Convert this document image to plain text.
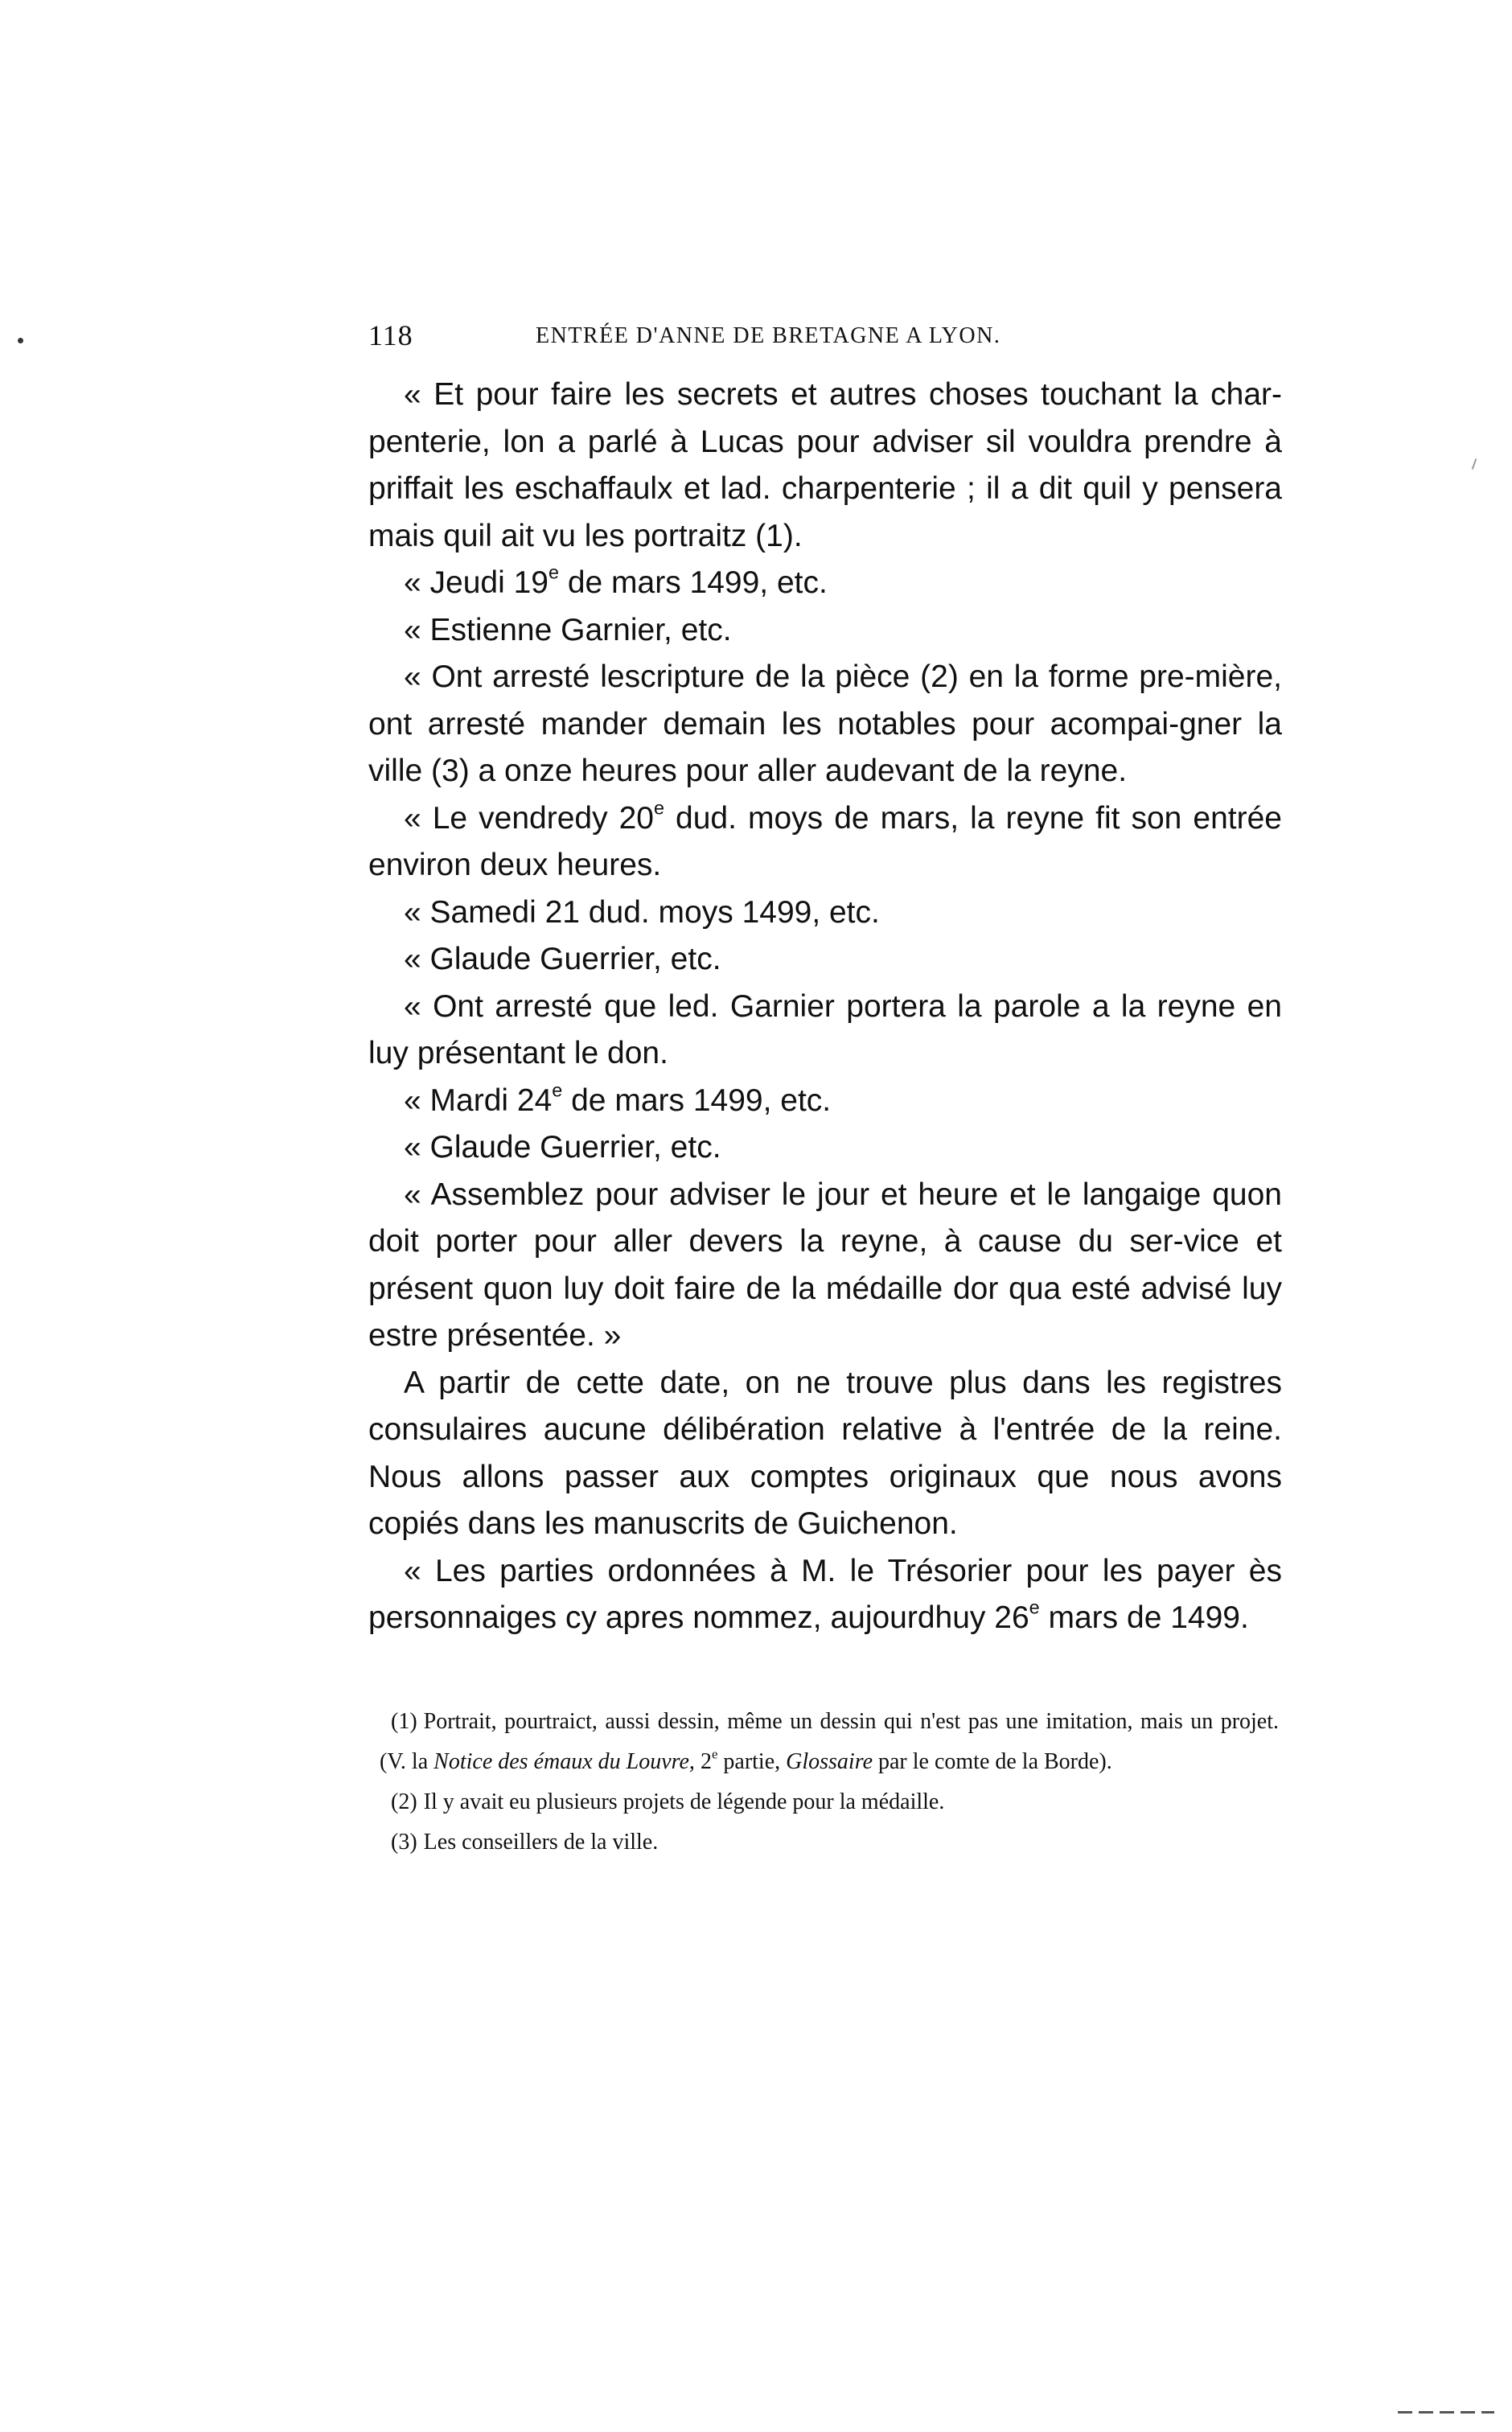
118	ENTRÉE D'ANNE DE BRETAGNE A LYON.

« Et pour faire les secrets et autres choses touchant la char-penterie, lon a parlé à Lucas pour adviser sil vouldra prendre à priffait les eschaffaulx et lad. charpenterie ; il a dit quil y pensera mais quil ait vu les portraitz (1).

« Jeudi 19e de mars 1499, etc.

« Estienne Garnier, etc.

« Ont arresté lescripture de la pièce (2) en la forme pre-mière, ont arresté mander demain les notables pour acompai-gner la ville (3) a onze heures pour aller audevant de la reyne.

« Le vendredy 20e dud. moys de mars, la reyne fit son entrée environ deux heures.

« Samedi 21 dud. moys 1499, etc.

« Glaude Guerrier, etc.

« Ont arresté que led. Garnier portera la parole a la reyne en luy présentant le don.

« Mardi 24e de mars 1499, etc.

« Glaude Guerrier, etc.

« Assemblez pour adviser le jour et heure et le langaige quon doit porter pour aller devers la reyne, à cause du ser-vice et présent quon luy doit faire de la médaille dor qua esté advisé luy estre présentée. »

A partir de cette date, on ne trouve plus dans les registres consulaires aucune délibération relative à l'entrée de la reine. Nous allons passer aux comptes originaux que nous avons copiés dans les manuscrits de Guichenon.

« Les parties ordonnées à M. le Trésorier pour les payer ès personnaiges cy apres nommez, aujourdhuy 26e mars de 1499.

(1) Portrait, pourtraict, aussi dessin, même un dessin qui n'est pas une imitation, mais un projet. (V. la Notice des émaux du Louvre, 2e partie, Glossaire par le comte de la Borde).

(2) Il y avait eu plusieurs projets de légende pour la médaille.

(3) Les conseillers de la ville.
